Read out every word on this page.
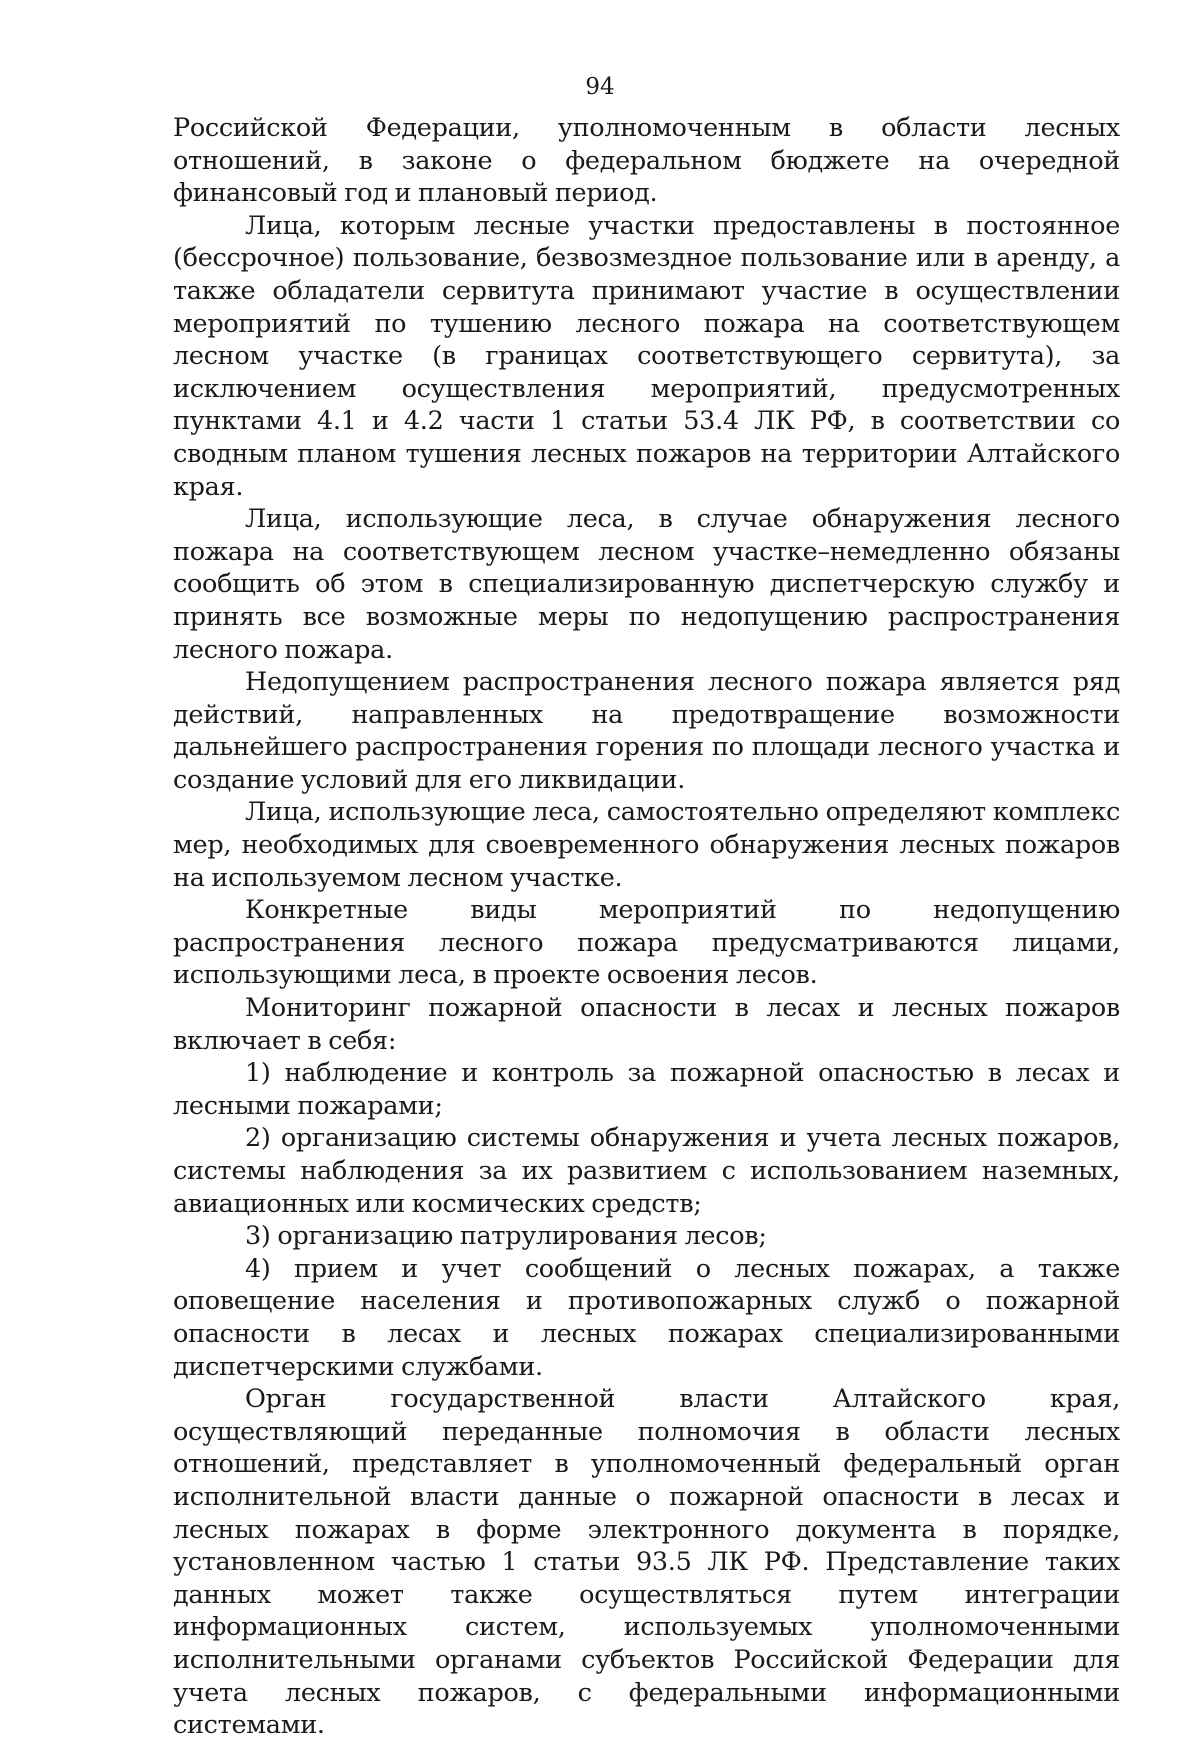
94

Российской Федерации, уполномоченным в области лесных отношений, в законе о федеральном бюджете на очередной финансовый год и плановый период.

Лица, которым лесные участки предоставлены в постоянное (бессрочное) пользование, безвозмездное пользование или в аренду, а также обладатели сервитута принимают участие в осуществлении мероприятий по тушению лесного пожара на соответствующем лесном участке (в границах соответствующего сервитута), за исключением осуществления мероприятий, предусмотренных пунктами 4.1 и 4.2 части 1 статьи 53.4 ЛК РФ, в соответствии со сводным планом тушения лесных пожаров на территории Алтайского края.

Лица, использующие леса, в случае обнаружения лесного пожара на соответствующем лесном участке–немедленно обязаны сообщить об этом в специализированную диспетчерскую службу и принять все возможные меры по недопущению распространения лесного пожара.

Недопущением распространения лесного пожара является ряд действий, направленных на предотвращение возможности дальнейшего распространения горения по площади лесного участка и создание условий для его ликвидации.

Лица, использующие леса, самостоятельно определяют комплекс мер, необходимых для своевременного обнаружения лесных пожаров на используемом лесном участке.

Конкретные виды мероприятий по недопущению распространения лесного пожара предусматриваются лицами, использующими леса, в проекте освоения лесов.

Мониторинг пожарной опасности в лесах и лесных пожаров включает в себя:

1) наблюдение и контроль за пожарной опасностью в лесах и лесными пожарами;

2) организацию системы обнаружения и учета лесных пожаров, системы наблюдения за их развитием с использованием наземных, авиационных или космических средств;

3) организацию патрулирования лесов;

4) прием и учет сообщений о лесных пожарах, а также оповещение населения и противопожарных служб о пожарной опасности в лесах и лесных пожарах специализированными диспетчерскими службами.

Орган государственной власти Алтайского края, осуществляющий переданные полномочия в области лесных отношений, представляет в уполномоченный федеральный орган исполнительной власти данные о пожарной опасности в лесах и лесных пожарах в форме электронного документа в порядке, установленном частью 1 статьи 93.5 ЛК РФ. Представление таких данных может также осуществляться путем интеграции информационных систем, используемых уполномоченными исполнительными органами субъектов Российской Федерации для учета лесных пожаров, с федеральными информационными системами.
